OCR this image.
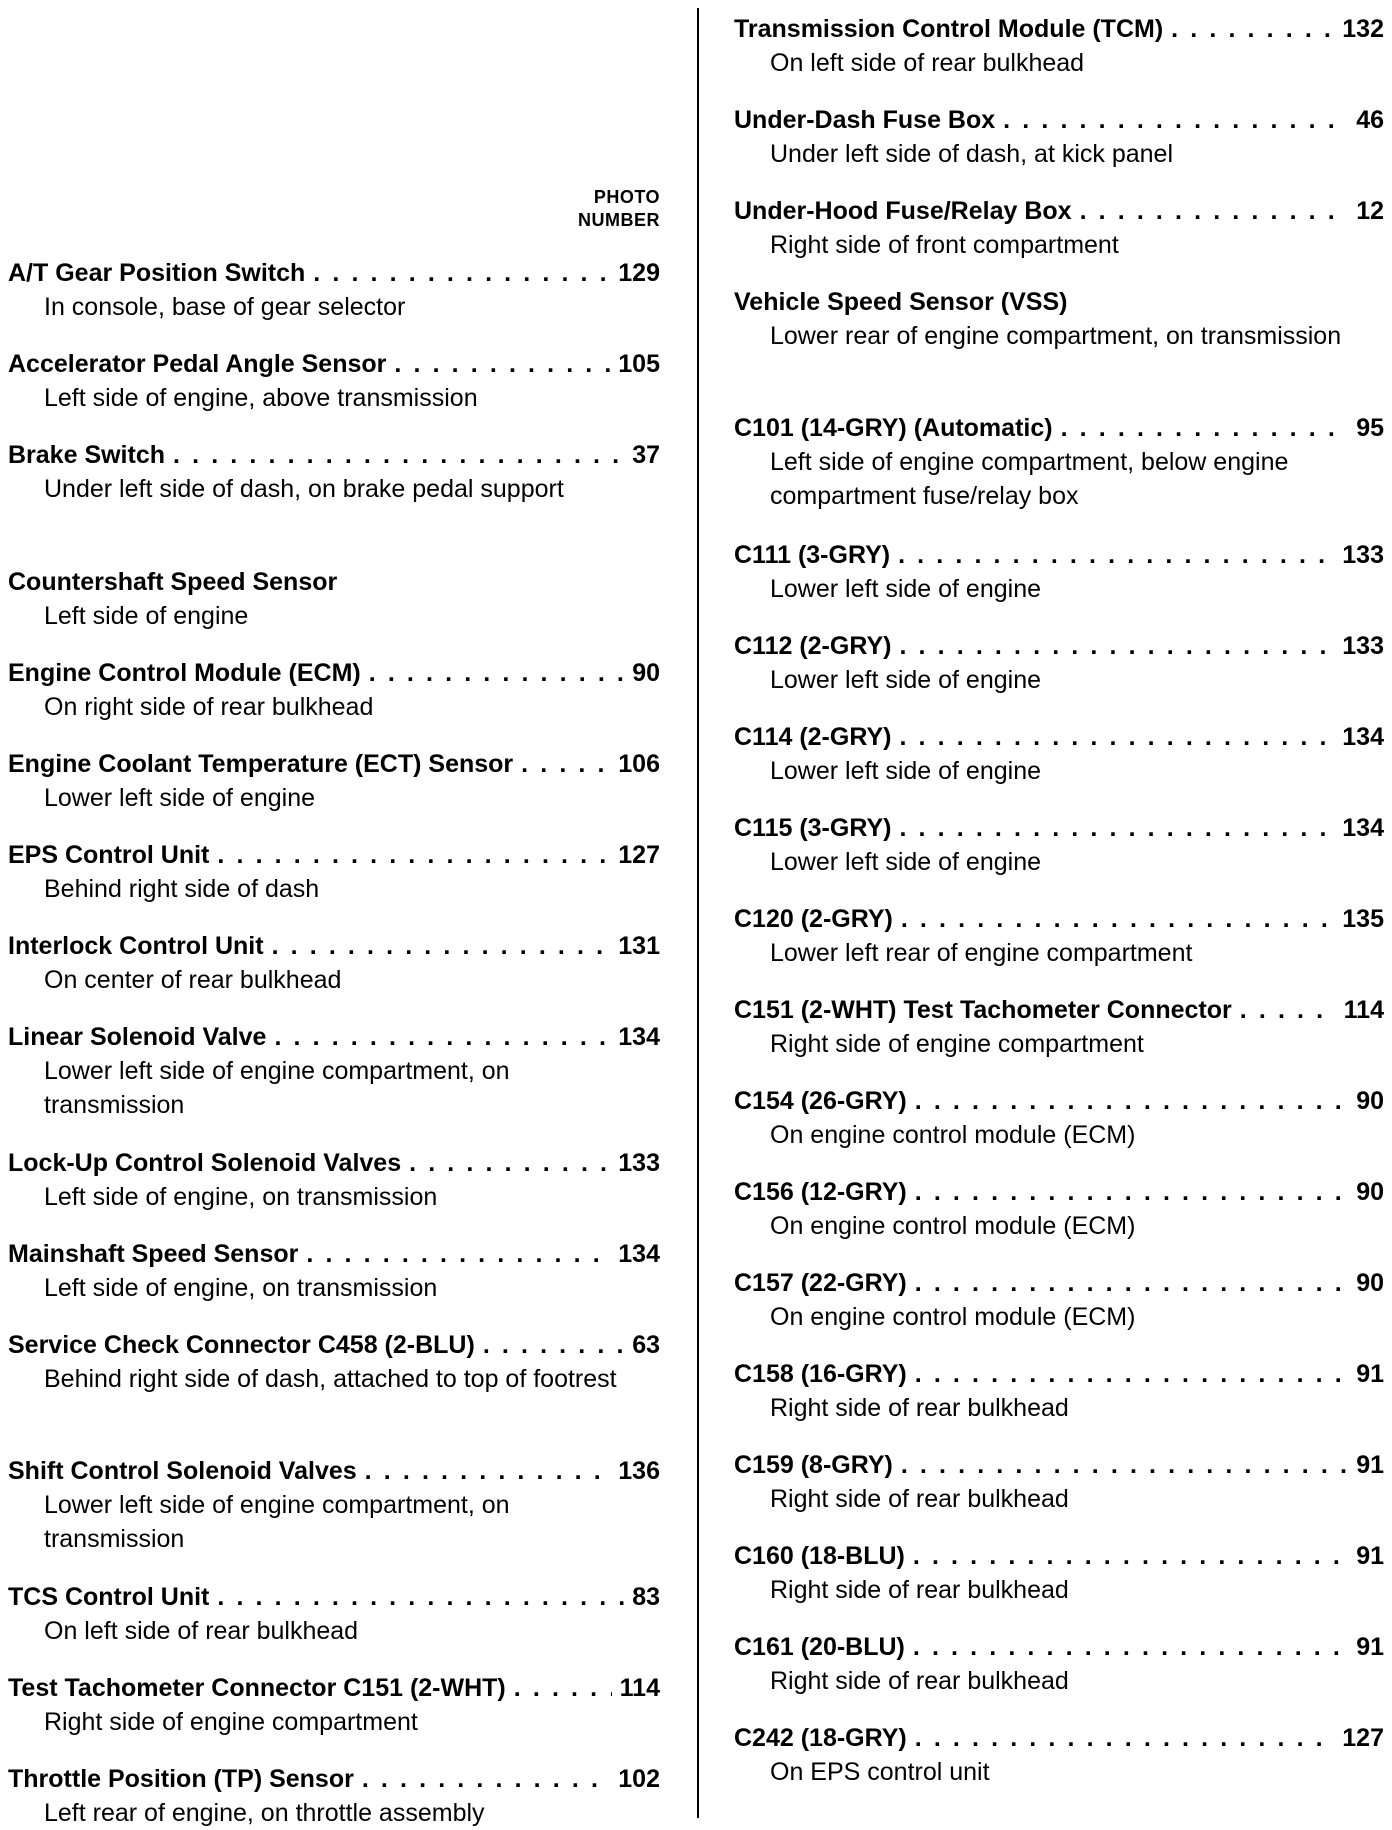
PHOTO
NUMBER
A/T Gear Position Switch . . .	129
In console, base of gear selector
Accelerator Pedal Angle Sensor . . .	105
Left side of engine, above transmission
Brake Switch . . .	37
Under left side of dash, on brake pedal support
Countershaft Speed Sensor
Left side of engine
Engine Control Module (ECM) . . .	90
On right side of rear bulkhead
Engine Coolant Temperature (ECT) Sensor . . .	106
Lower left side of engine
EPS Control Unit . . .	127
Behind right side of dash
Interlock Control Unit . . .	131
On center of rear bulkhead
Linear Solenoid Valve . . .	134
Lower left side of engine compartment, on transmission
Lock-Up Control Solenoid Valves . . .	133
Left side of engine, on transmission
Mainshaft Speed Sensor . . .	134
Left side of engine, on transmission
Service Check Connector C458 (2-BLU) . . .	63
Behind right side of dash, attached to top of footrest
Shift Control Solenoid Valves . . .	136
Lower left side of engine compartment, on transmission
TCS Control Unit . . .	83
On left side of rear bulkhead
Test Tachometer Connector C151 (2-WHT) . . .	114
Right side of engine compartment
Throttle Position (TP) Sensor . . .	102
Left rear of engine, on throttle assembly
Transmission Control Module (TCM) . . .	132
On left side of rear bulkhead
Under-Dash Fuse Box . . .	46
Under left side of dash, at kick panel
Under-Hood Fuse/Relay Box . . .	12
Right side of front compartment
Vehicle Speed Sensor (VSS)
Lower rear of engine compartment, on transmission
C101 (14-GRY) (Automatic) . . .	95
Left side of engine compartment, below engine compartment fuse/relay box
C111 (3-GRY) . . .	133
Lower left side of engine
C112 (2-GRY) . . .	133
Lower left side of engine
C114 (2-GRY) . . .	134
Lower left side of engine
C115 (3-GRY) . . .	134
Lower left side of engine
C120 (2-GRY) . . .	135
Lower left rear of engine compartment
C151 (2-WHT) Test Tachometer Connector . . .	114
Right side of engine compartment
C154 (26-GRY) . . .	90
On engine control module (ECM)
C156 (12-GRY) . . .	90
On engine control module (ECM)
C157 (22-GRY) . . .	90
On engine control module (ECM)
C158 (16-GRY) . . .	91
Right side of rear bulkhead
C159 (8-GRY) . . .	91
Right side of rear bulkhead
C160 (18-BLU) . . .	91
Right side of rear bulkhead
C161 (20-BLU) . . .	91
Right side of rear bulkhead
C242 (18-GRY) . . .	127
On EPS control unit
